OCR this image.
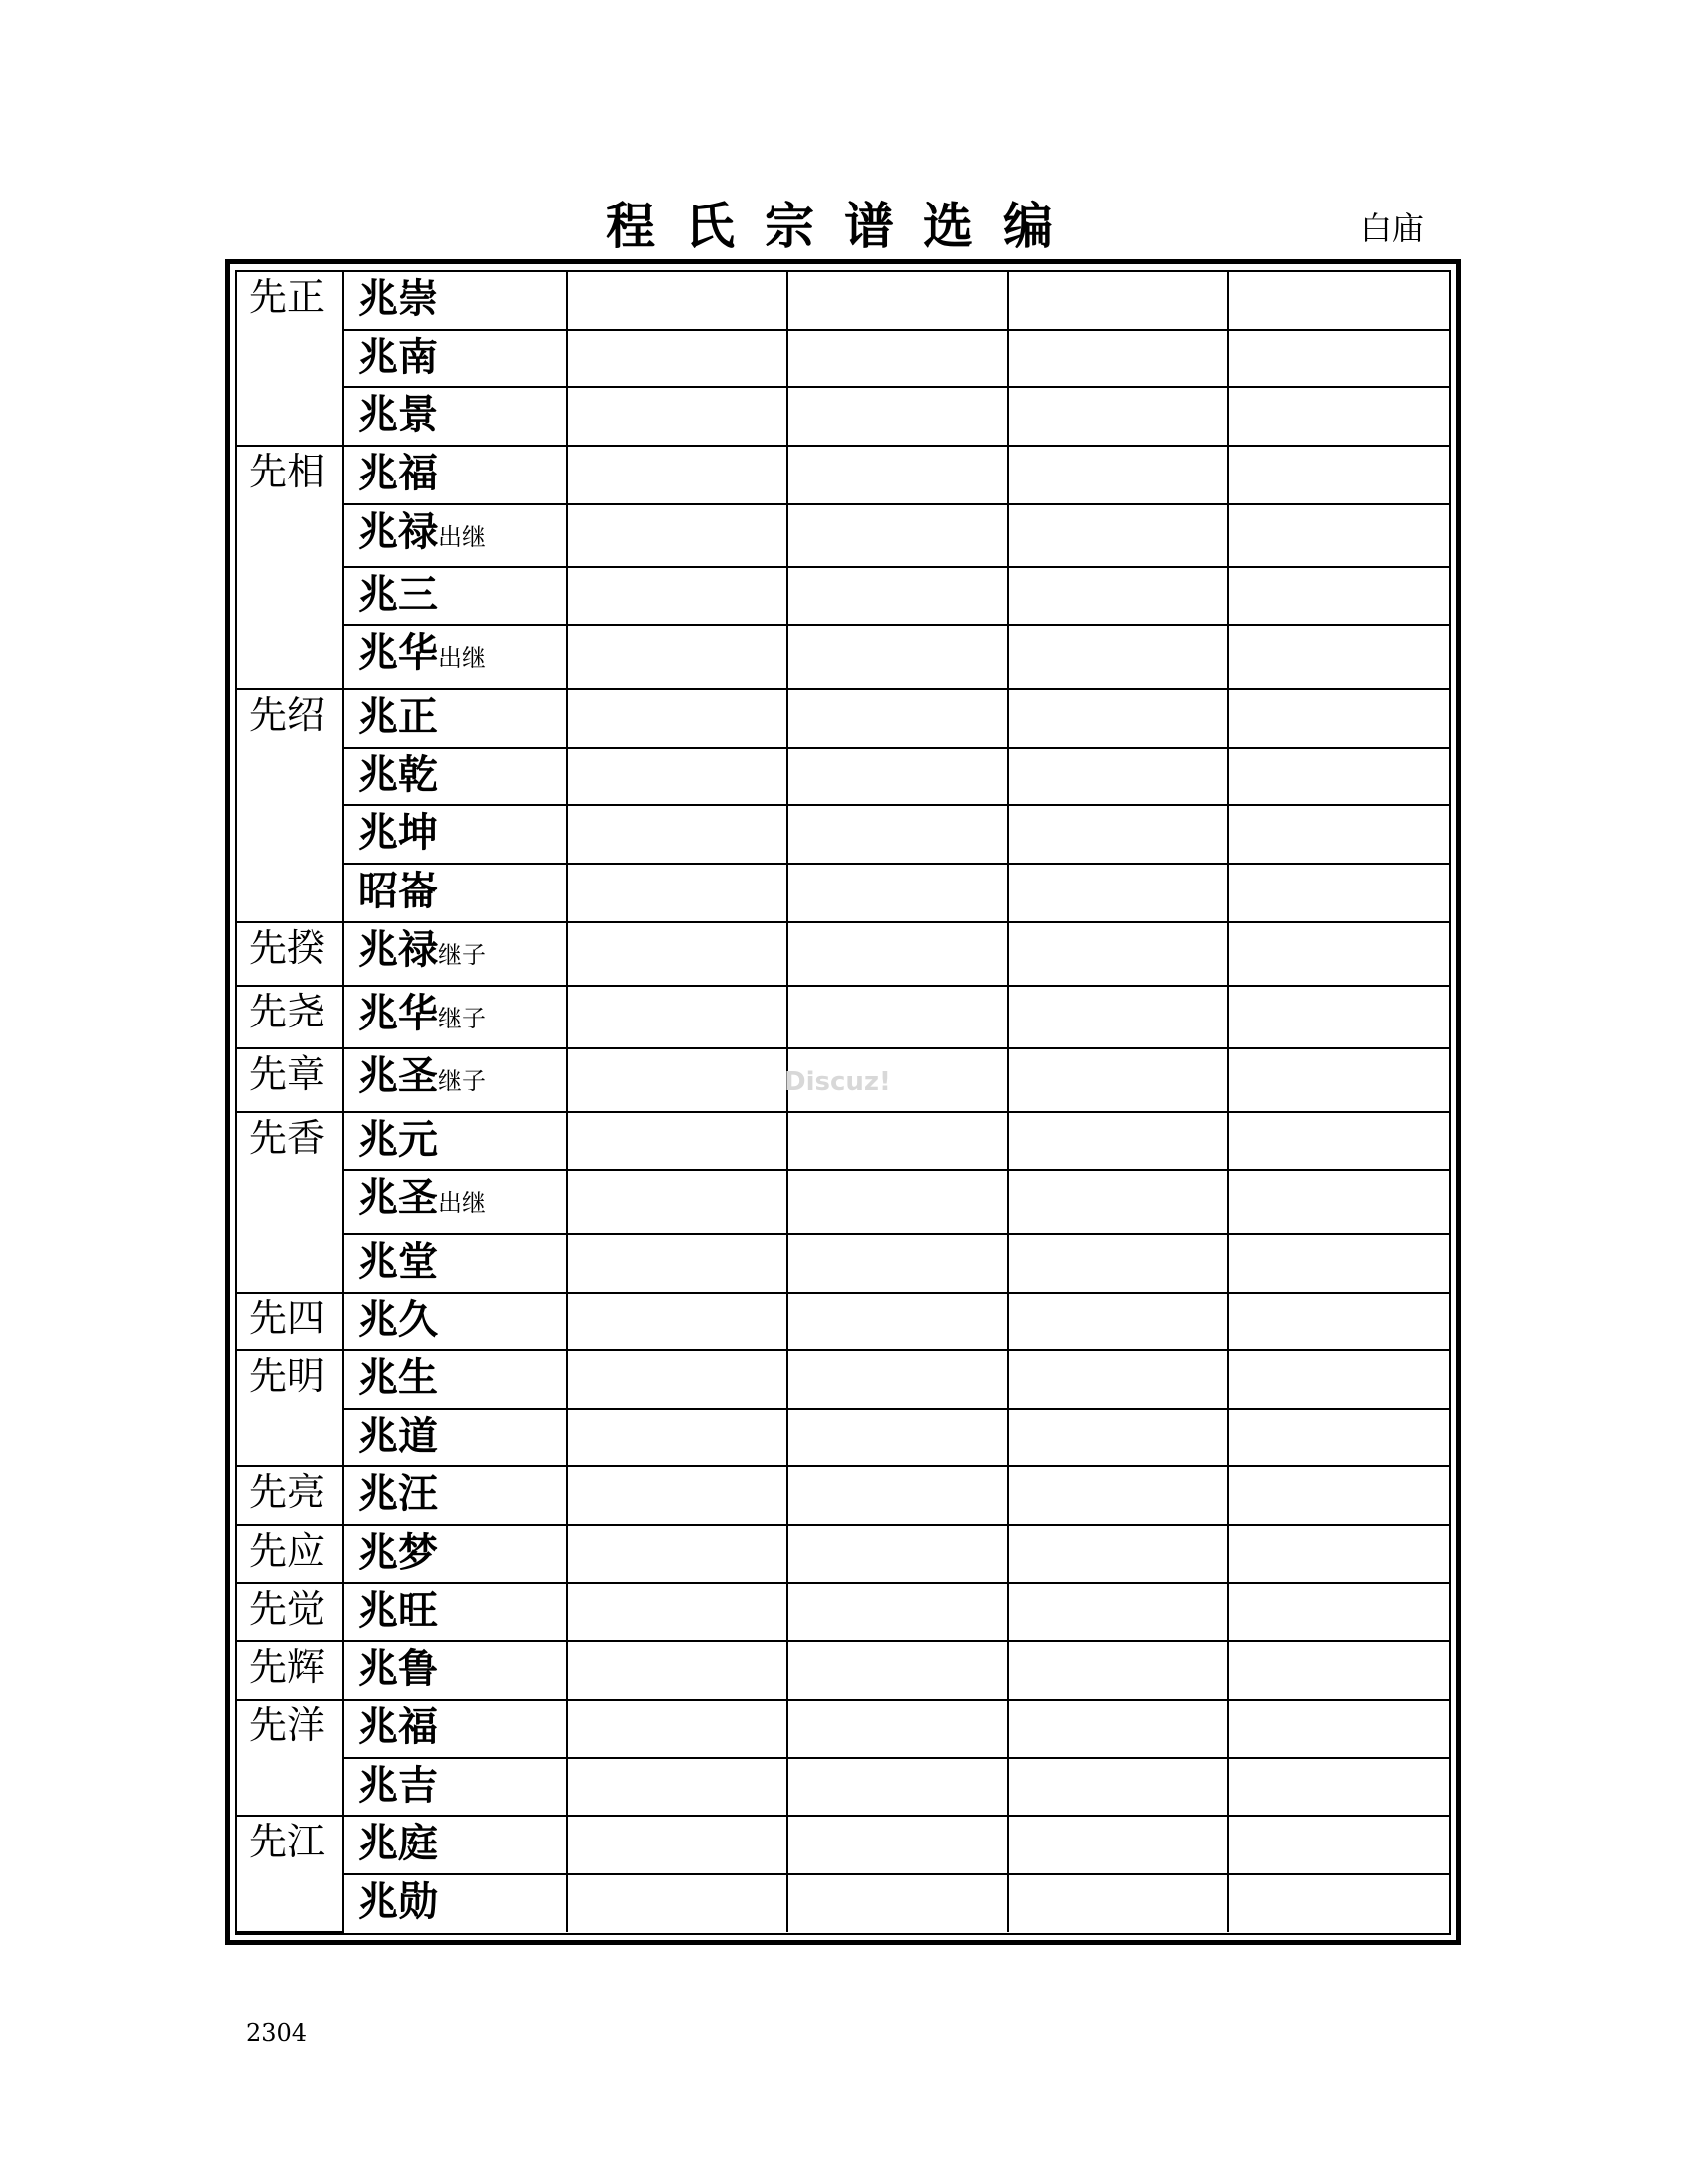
程氏宗谱选编	白庙
先正	兆崇				

	兆南				

	兆景				

先相	兆福				

	兆禄出继				

	兆三				

	兆华出继				

先绍	兆正				

	兆乾				

	兆坤				

	昭崙				

先揆	兆禄继子				

先尧	兆华继子				

先章	兆圣继子				

先香	兆元				

	兆圣出继				

	兆堂				

先四	兆久				

先明	兆生				

	兆道				

先亮	兆汪				

先应	兆梦				

先觉	兆旺				

先辉	兆鲁				

先洋	兆福				

	兆吉				

先江	兆庭				

	兆勋				

Discuz!
2304
